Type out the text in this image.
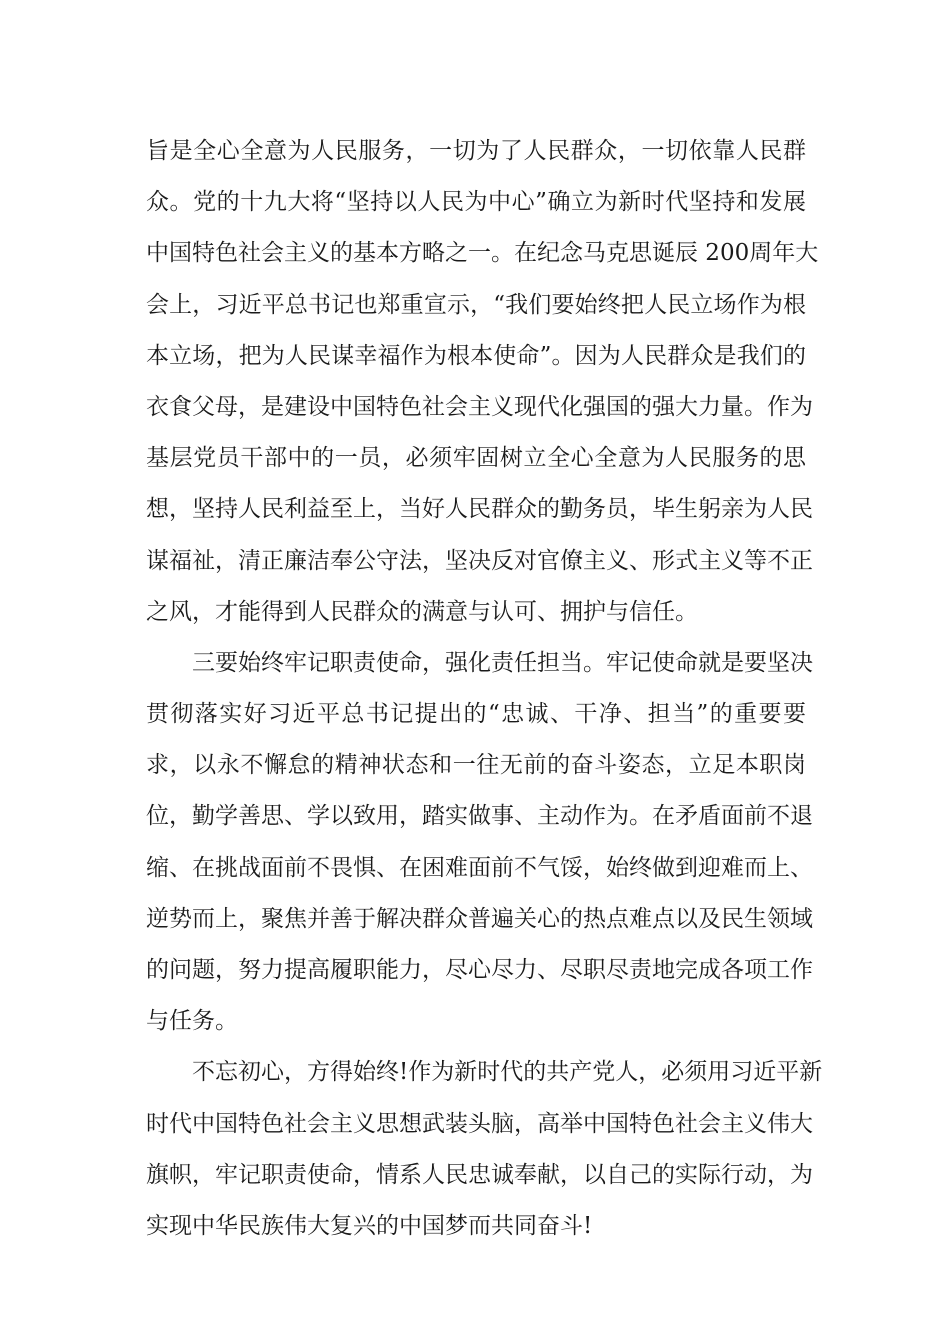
旨是全心全意为人民服务，一切为了人民群众，一切依靠人民群
众。党的十九大将“坚持以人民为中心”确立为新时代坚持和发展
中国特色社会主义的基本方略之一。在纪念马克思诞辰 200周年大
会上，习近平总书记也郑重宣示，“我们要始终把人民立场作为根
本立场，把为人民谋幸福作为根本使命”。因为人民群众是我们的
衣食父母，是建设中国特色社会主义现代化强国的强大力量。作为
基层党员干部中的一员，必须牢固树立全心全意为人民服务的思
想，坚持人民利益至上，当好人民群众的勤务员，毕生躬亲为人民
谋福祉，清正廉洁奉公守法，坚决反对官僚主义、形式主义等不正
之风，才能得到人民群众的满意与认可、拥护与信任。
三要始终牢记职责使命，强化责任担当。牢记使命就是要坚决
贯彻落实好习近平总书记提出的“忠诚、干净、担当”的重要要
求，以永不懈怠的精神状态和一往无前的奋斗姿态，立足本职岗
位，勤学善思、学以致用，踏实做事、主动作为。在矛盾面前不退
缩、在挑战面前不畏惧、在困难面前不气馁，始终做到迎难而上、
逆势而上，聚焦并善于解决群众普遍关心的热点难点以及民生领域
的问题，努力提高履职能力，尽心尽力、尽职尽责地完成各项工作
与任务。
不忘初心，方得始终!作为新时代的共产党人，必须用习近平新
时代中国特色社会主义思想武装头脑，高举中国特色社会主义伟大
旗帜，牢记职责使命，情系人民忠诚奉献，以自己的实际行动，为
实现中华民族伟大复兴的中国梦而共同奋斗!
